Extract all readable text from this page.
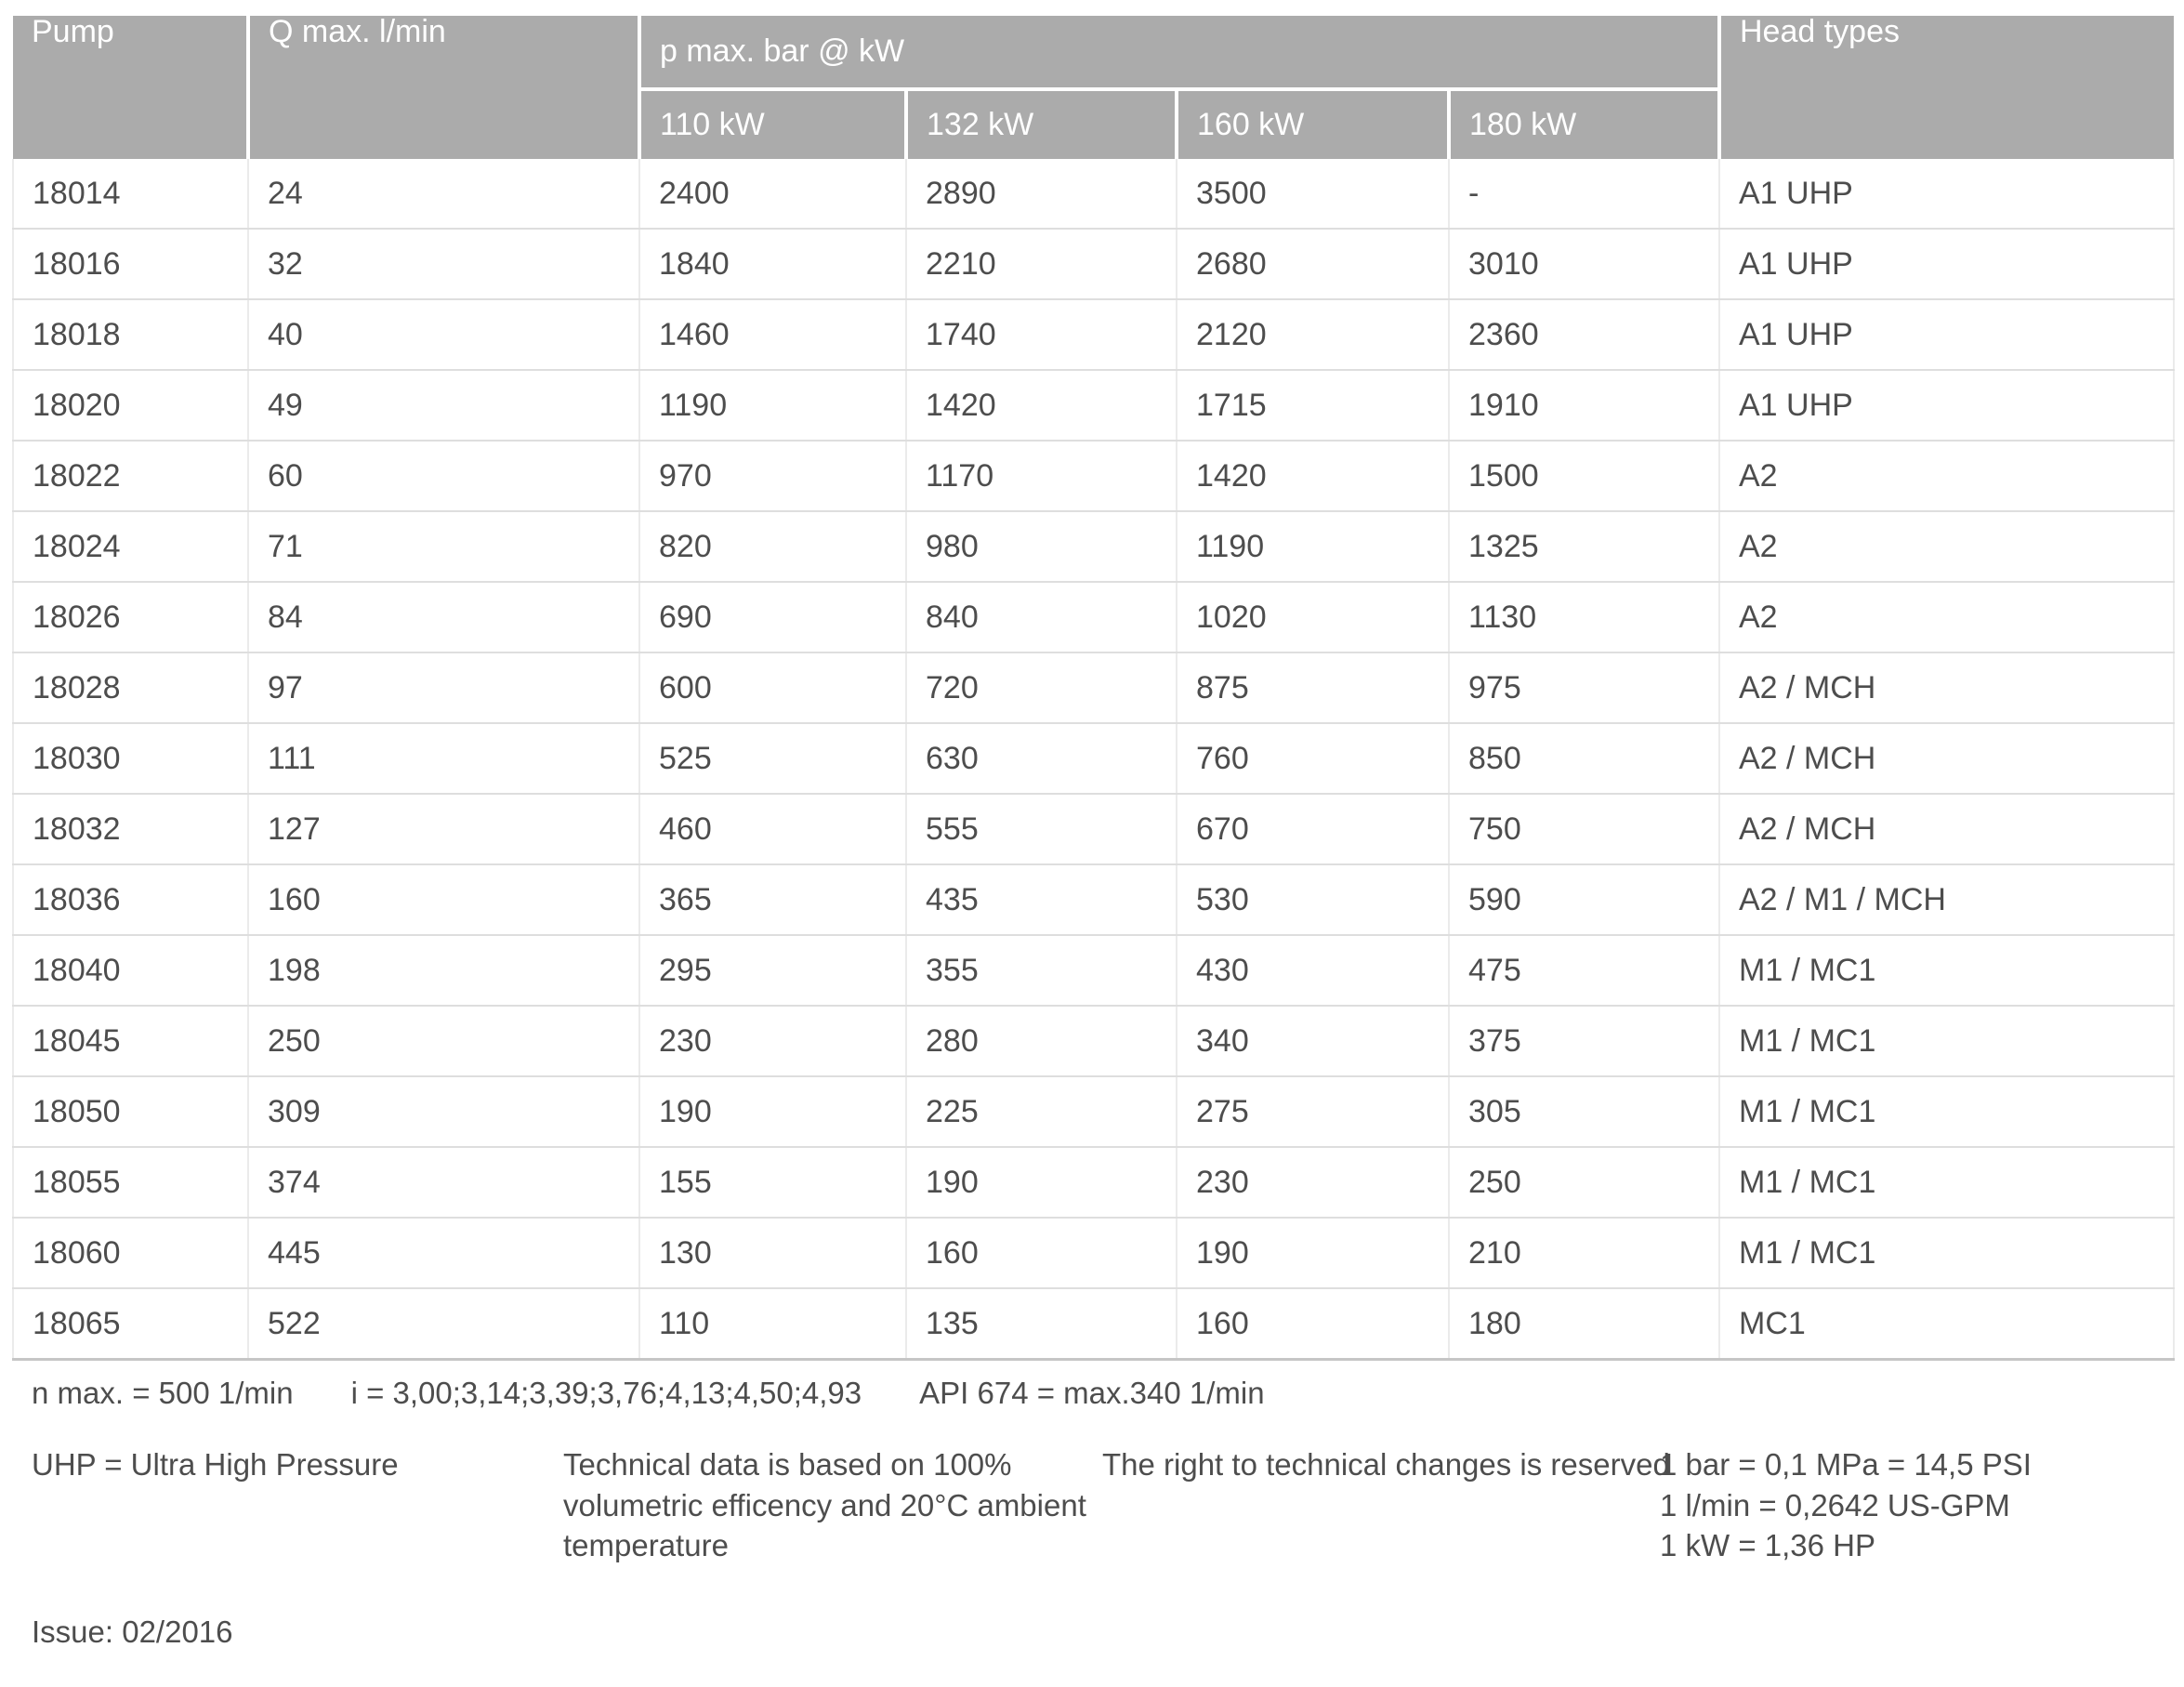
Pump	Q max. l/min	p max. bar @ kW				Head types
		110 kW	132 kW	160 kW	180 kW	
18014	24	2400	2890	3500	-	A1 UHP
18016	32	1840	2210	2680	3010	A1 UHP
18018	40	1460	1740	2120	2360	A1 UHP
18020	49	1190	1420	1715	1910	A1 UHP
18022	60	970	1170	1420	1500	A2
18024	71	820	980	1190	1325	A2
18026	84	690	840	1020	1130	A2
18028	97	600	720	875	975	A2 / MCH
18030	111	525	630	760	850	A2 / MCH
18032	127	460	555	670	750	A2 / MCH
18036	160	365	435	530	590	A2 / M1 / MCH
18040	198	295	355	430	475	M1 / MC1
18045	250	230	280	340	375	M1 / MC1
18050	309	190	225	275	305	M1 / MC1
18055	374	155	190	230	250	M1 / MC1
18060	445	130	160	190	210	M1 / MC1
18065	522	110	135	160	180	MC1
n max. = 500 1/min i = 3,00;3,14;3,39;3,76;4,13;4,50;4,93 API 674 = max.340 1/min
UHP = Ultra High Pressure	Technical data is based on 100% volumetric efficency and 20°C ambient temperature
The right to technical changes is reserved
1 bar = 0,1 MPa = 14,5 PSI
1 l/min = 0,2642 US-GPM
1 kW = 1,36 HP
Issue: 02/2016
